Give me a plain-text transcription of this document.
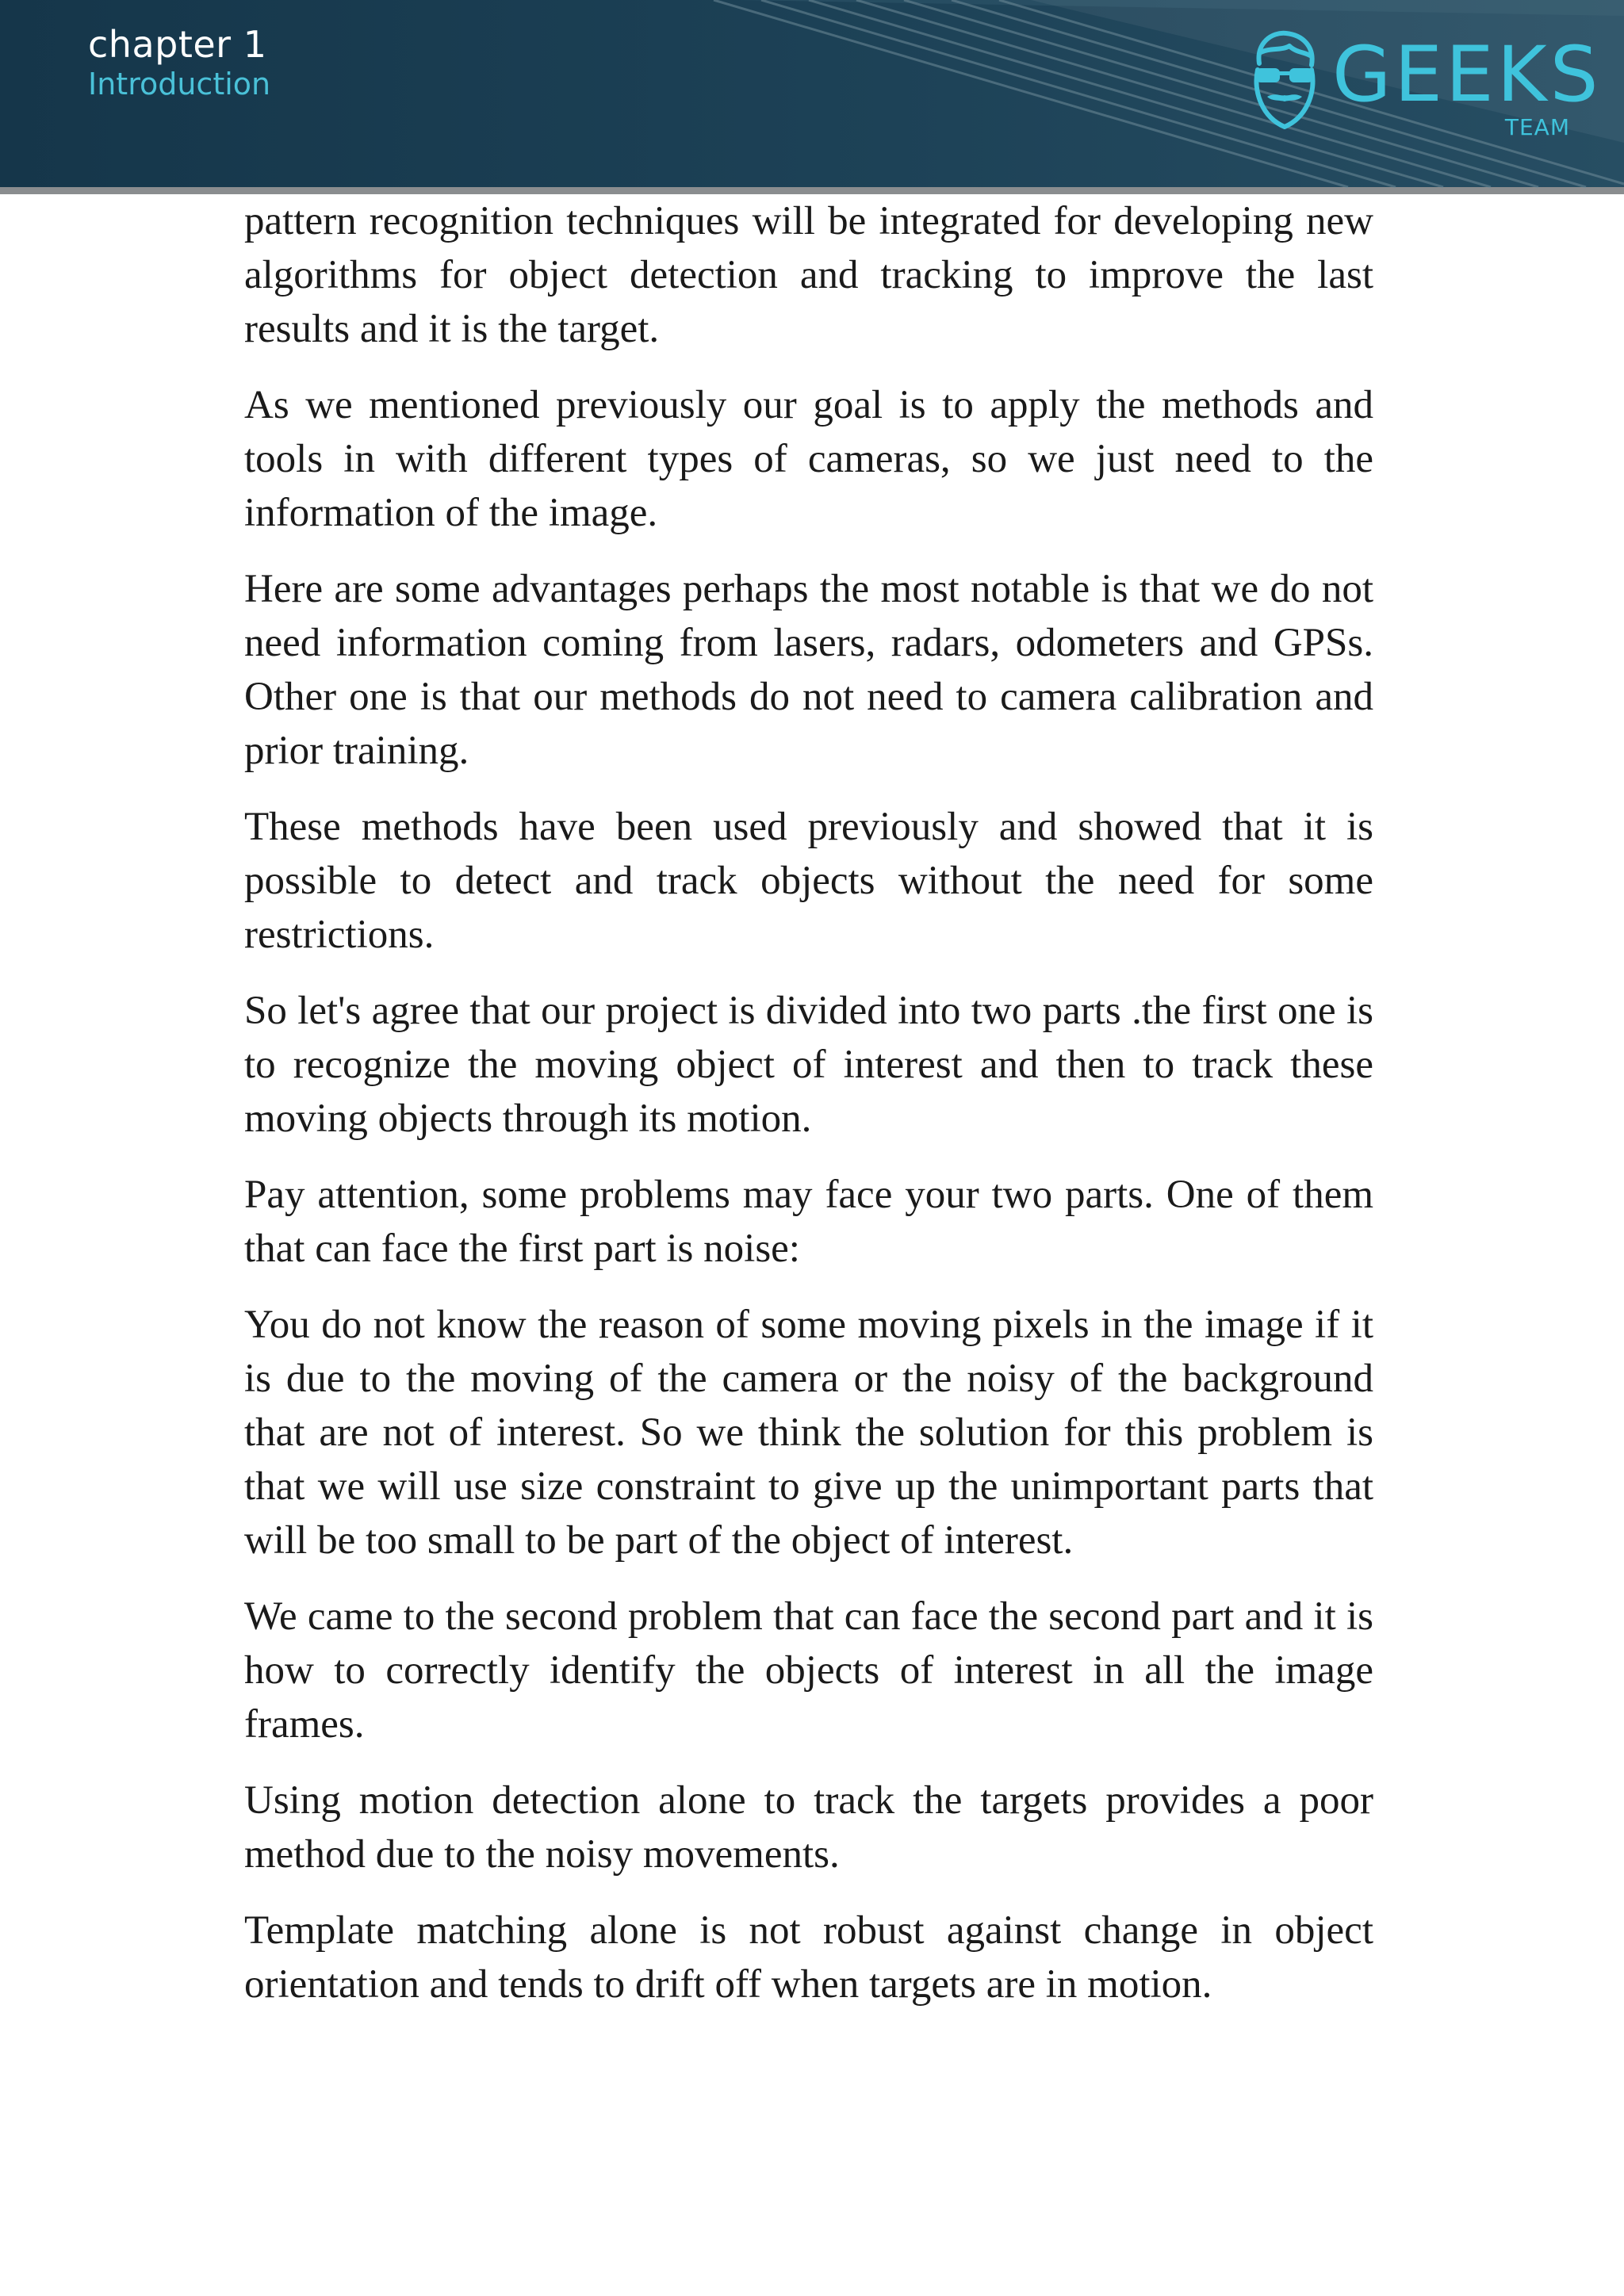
chapter 1
Introduction	GEEKS
TEAM

pattern recognition techniques will be integrated for developing new algorithms for object detection and tracking to improve the last results and it is the target.

As we mentioned previously our goal is to apply the methods and tools in with different types of cameras, so we just need to the information of the image.

Here are some advantages perhaps the most notable is that we do not need information coming from lasers, radars, odometers and GPSs. Other one is that our methods do not need to camera calibration and prior training.

These methods have been used previously and showed that it is possible to detect and track objects without the need for some restrictions.

So let's agree that our project is divided into two parts .the first one is to recognize the moving object of interest and then to track these moving objects through its motion.

Pay attention, some problems may face your two parts. One of them that can face the first part is noise:

You do not know the reason of some moving pixels in the image if it is due to the moving of the camera or the noisy of the background that are not of interest. So we think the solution for this problem is that we will use size constraint to give up the unimportant parts that will be too small to be part of the object of interest.

We came to the second problem that can face the second part and it is how to correctly identify the objects of interest in all the image frames.

Using motion detection alone to track the targets provides a poor method due to the noisy movements.

Template matching alone is not robust against change in object orientation and tends to drift off when targets are in motion.
